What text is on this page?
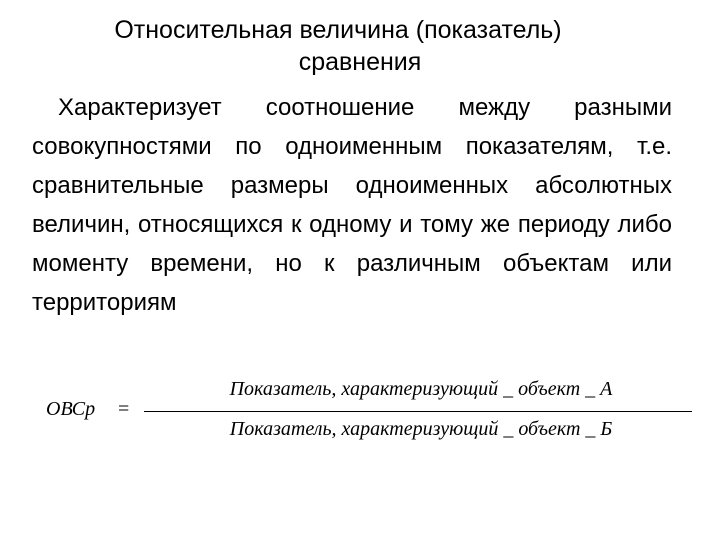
Относительная величина (показатель)
сравнения
Характеризует соотношение между разными совокупностями по одноименным показателям, т.е. сравнительные размеры одноименных абсолютных величин, относящихся к одному и тому же периоду либо моменту времени, но к различным объектам или территориям
ОВСр =
Показатель, характеризующий _ объект _ А
Показатель, характеризующий _ объект _ Б
